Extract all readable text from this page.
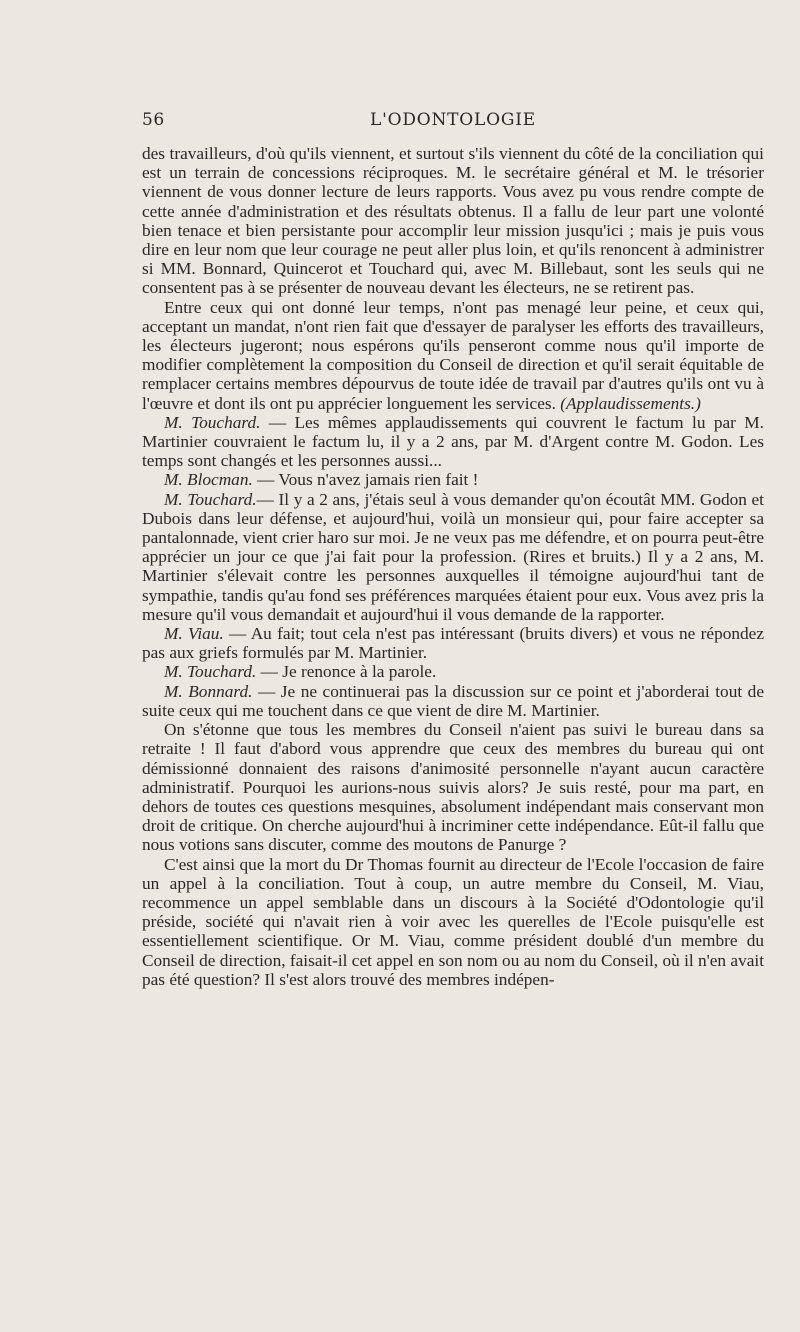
56	L'ODONTOLOGIE

des travailleurs, d'où qu'ils viennent, et surtout s'ils viennent du côté de la conciliation qui est un terrain de concessions réciproques. M. le secrétaire général et M. le trésorier viennent de vous donner lecture de leurs rapports. Vous avez pu vous rendre compte de cette année d'administration et des résultats obtenus. Il a fallu de leur part une volonté bien tenace et bien persistante pour accomplir leur mission jusqu'ici ; mais je puis vous dire en leur nom que leur courage ne peut aller plus loin, et qu'ils renoncent à administrer si MM. Bonnard, Quincerot et Touchard qui, avec M. Billebaut, sont les seuls qui ne consentent pas à se présenter de nouveau devant les électeurs, ne se retirent pas.

Entre ceux qui ont donné leur temps, n'ont pas menagé leur peine, et ceux qui, acceptant un mandat, n'ont rien fait que d'essayer de paralyser les efforts des travailleurs, les électeurs jugeront; nous espérons qu'ils penseront comme nous qu'il importe de modifier complètement la composition du Conseil de direction et qu'il serait équitable de remplacer certains membres dépourvus de toute idée de travail par d'autres qu'ils ont vu à l'œuvre et dont ils ont pu apprécier longuement les services. (Applaudissements.)

M. Touchard. — Les mêmes applaudissements qui couvrent le factum lu par M. Martinier couvraient le factum lu, il y a 2 ans, par M. d'Argent contre M. Godon. Les temps sont changés et les personnes aussi...

M. Blocman. — Vous n'avez jamais rien fait !

M. Touchard.— Il y a 2 ans, j'étais seul à vous demander qu'on écoutât MM. Godon et Dubois dans leur défense, et aujourd'hui, voilà un monsieur qui, pour faire accepter sa pantalonnade, vient crier haro sur moi. Je ne veux pas me défendre, et on pourra peut-être apprécier un jour ce que j'ai fait pour la profession. (Rires et bruits.) Il y a 2 ans, M. Martinier s'élevait contre les personnes auxquelles il témoigne aujourd'hui tant de sympathie, tandis qu'au fond ses préférences marquées étaient pour eux. Vous avez pris la mesure qu'il vous demandait et aujourd'hui il vous demande de la rapporter.

M. Viau. — Au fait; tout cela n'est pas intéressant (bruits divers) et vous ne répondez pas aux griefs formulés par M. Martinier.

M. Touchard. — Je renonce à la parole.

M. Bonnard. — Je ne continuerai pas la discussion sur ce point et j'aborderai tout de suite ceux qui me touchent dans ce que vient de dire M. Martinier.

On s'étonne que tous les membres du Conseil n'aient pas suivi le bureau dans sa retraite ! Il faut d'abord vous apprendre que ceux des membres du bureau qui ont démissionné donnaient des raisons d'animosité personnelle n'ayant aucun caractère administratif. Pourquoi les aurions-nous suivis alors? Je suis resté, pour ma part, en dehors de toutes ces questions mesquines, absolument indépendant mais conservant mon droit de critique. On cherche aujourd'hui à incriminer cette indépendance. Eût-il fallu que nous votions sans discuter, comme des moutons de Panurge ?

C'est ainsi que la mort du Dr Thomas fournit au directeur de l'Ecole l'occasion de faire un appel à la conciliation. Tout à coup, un autre membre du Conseil, M. Viau, recommence un appel semblable dans un discours à la Société d'Odontologie qu'il préside, société qui n'avait rien à voir avec les querelles de l'Ecole puisqu'elle est essentiellement scientifique. Or M. Viau, comme président doublé d'un membre du Conseil de direction, faisait-il cet appel en son nom ou au nom du Conseil, où il n'en avait pas été question? Il s'est alors trouvé des membres indépen-
